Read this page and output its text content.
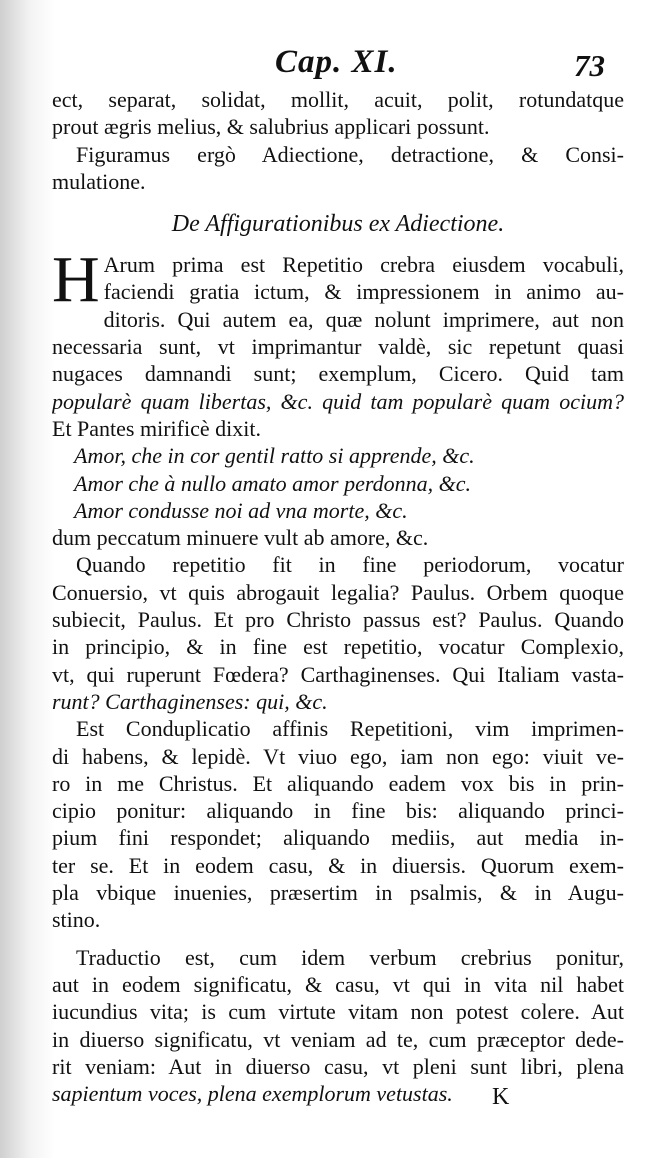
Cap. XI.	73
ect, separat, solidat, mollit, acuit, polit, rotundatque
prout ægris melius, & salubrius applicari possunt.
Figuramus ergò Adiectione, detractione, & Consi-
mulatione.
De Affigurationibus ex Adiectione.
H Arum prima est Repetitio crebra eiusdem vocabuli,
faciendi gratia ictum, & impressionem in animo au-
ditoris. Qui autem ea, quæ nolunt imprimere, aut non
necessaria sunt, vt imprimantur valdè, sic repetunt quasi
nugaces damnandi sunt; exemplum, Cicero. Quid tam
popularè quam libertas, &c. quid tam popularè quam ocium?
Et Pantes mirificè dixit.
Amor, che in cor gentil ratto si apprende, &c.
Amor che à nullo amato amor perdonna, &c.
Amor condusse noi ad vna morte, &c.
dum peccatum minuere vult ab amore, &c.
Quando repetitio fit in fine periodorum, vocatur
Conuersio, vt quis abrogauit legalia? Paulus. Orbem quoque
subiecit, Paulus. Et pro Christo passus est? Paulus. Quando
in principio, & in fine est repetitio, vocatur Complexio,
vt, qui ruperunt Fœdera? Carthaginenses. Qui Italiam vasta-
runt? Carthaginenses: qui, &c.
Est Conduplicatio affinis Repetitioni, vim imprimen-
di habens, & lepidè. Vt viuo ego, iam non ego: viuit ve-
ro in me Christus. Et aliquando eadem vox bis in prin-
cipio ponitur: aliquando in fine bis: aliquando princi-
pium fini respondet; aliquando mediis, aut media in-
ter se. Et in eodem casu, & in diuersis. Quorum exem-
pla vbique inuenies, præsertim in psalmis, & in Augu-
stino.
Traductio est, cum idem verbum crebrius ponitur,
aut in eodem significatu, & casu, vt qui in vita nil habet
iucundius vita; is cum virtute vitam non potest colere. Aut
in diuerso significatu, vt veniam ad te, cum præceptor dede-
rit veniam: Aut in diuerso casu, vt pleni sunt libri, plena
sapientum voces, plena exemplorum vetustas.	K
